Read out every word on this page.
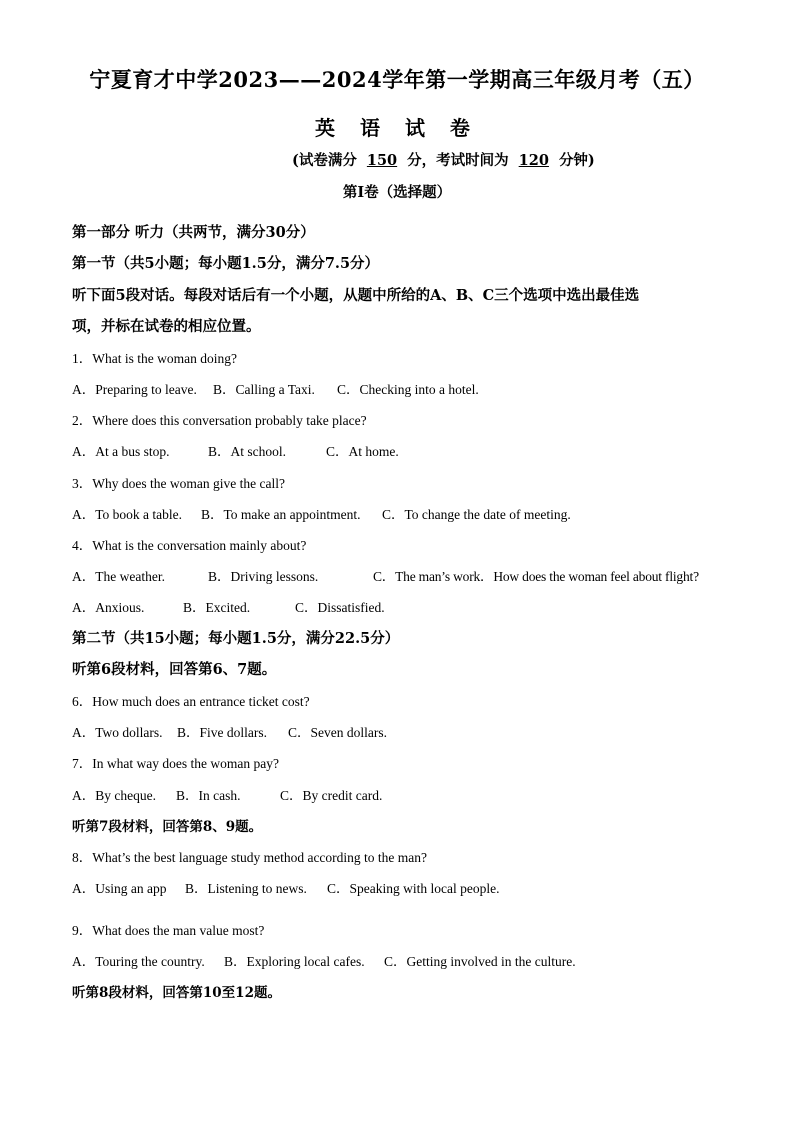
宁夏育才中学2023——2024学年第一学期高三年级月考（五）
英 语 试 卷
(试卷满分 150 分，考试时间为 120 分钟)
第Ⅰ卷（选择题）
第一部分 听力（共两节，满分30分）
第一节（共5小题；每小题1.5分，满分7.5分）
听下面5段对话。每段对话后有一个小题，从题中所给的A、B、C三个选项中选出最佳选
项，并标在试卷的相应位置。
1．What is the woman doing?
A．Preparing to leave. B．Calling a Taxi. C．Checking into a hotel.
2．Where does this conversation probably take place?
A．At a bus stop.	B．At school.	C．At home.
3．Why does the woman give the call?
A．To book a table. B．To make an appointment. C．To change the date of meeting.
4．What is the conversation mainly about?
A．The weather.	B．Driving lessons.	C．The man’s work．How does the woman feel about flight?
A．Anxious.	B．Excited.	C．Dissatisfied.
第二节（共15小题；每小题1.5分，满分22.5分）
听第6段材料，回答第6、7题。
6．How much does an entrance ticket cost?
A．Two dollars. B．Five dollars. C．Seven dollars.
7．In what way does the woman pay?
A．By cheque. B．In cash.	C．By credit card.
听第7段材料，回答第8、9题。
8．What’s the best language study method according to the man?
A．Using an app B．Listening to news. C．Speaking with local people.
9．What does the man value most?
A．Touring the country. B．Exploring local cafes. C．Getting involved in the culture.
听第8段材料，回答第10至12题。
